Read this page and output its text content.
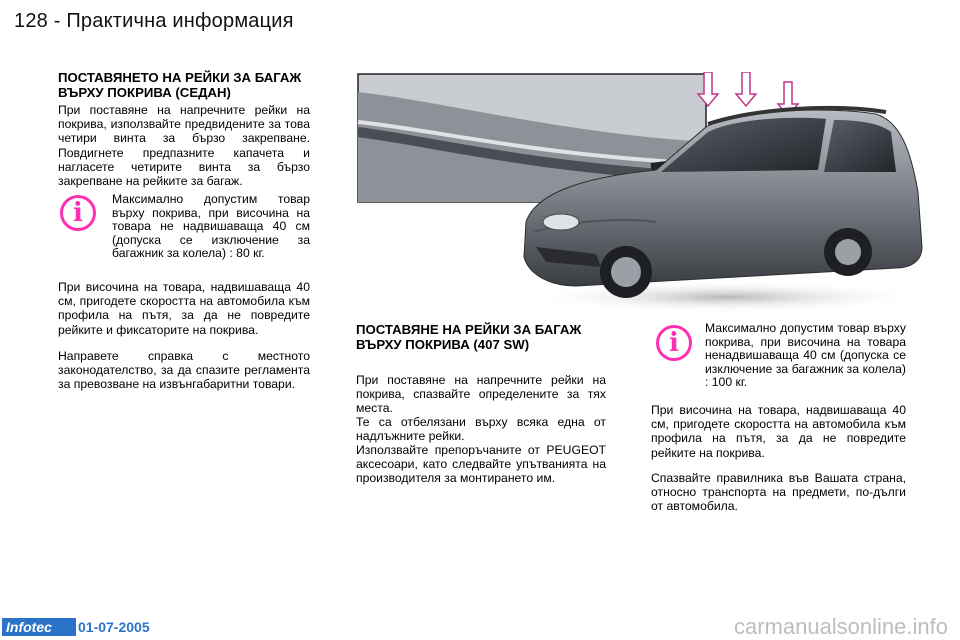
128 - Практична информация
ПОСТАВЯНЕТО НА РЕЙКИ ЗА БАГАЖ ВЪРХУ ПОКРИВА (СЕДАН)

При поставяне на напречните рейки на покрива, използвайте предвидените за това четири винта за бързо закрепване. Повдигнете предпазните капачета и нагласете четирите винта за бързо закрепване на рейките за багаж.

i	Максимално допустим товар върху покрива, при височина на товара не надвишаваща 40 см (допуска се изключение за багажник за колела) : 80 кг.

При височина на товара, надвишаваща 40 см, пригодете скоростта на автомобила към профила на пътя, за да не повредите рейките и фиксаторите на покрива.

Направете справка с местното законодателство, за да спазите регламента за превозване на извънгабаритни товари.

ПОСТАВЯНЕ НА РЕЙКИ ЗА БАГАЖ ВЪРХУ ПОКРИВА (407 SW)

При поставяне на напречните рейки на покрива, спазвайте определените за тях места.

Те са отбелязани върху всяка една от надлъжните рейки.

Използвайте препоръчаните от PEUGEOT аксесоари, като следвайте упътванията на производителя за монтирането им.

i	Максимално допустим товар върху покрива, при височина на товара ненадвишаваща 40 см (допуска се изключение за багажник за колела) : 100 кг.

При височина на товара, надвишаваща 40 см, пригодете скоростта на автомобила към профила на пътя, за да не повредите рейките на покрива.

Спазвайте правилника във Вашата страна, относно транспорта на предмети, по-дълги от автомобила.

Infotec	01-07-2005	carmanualsonline.info
